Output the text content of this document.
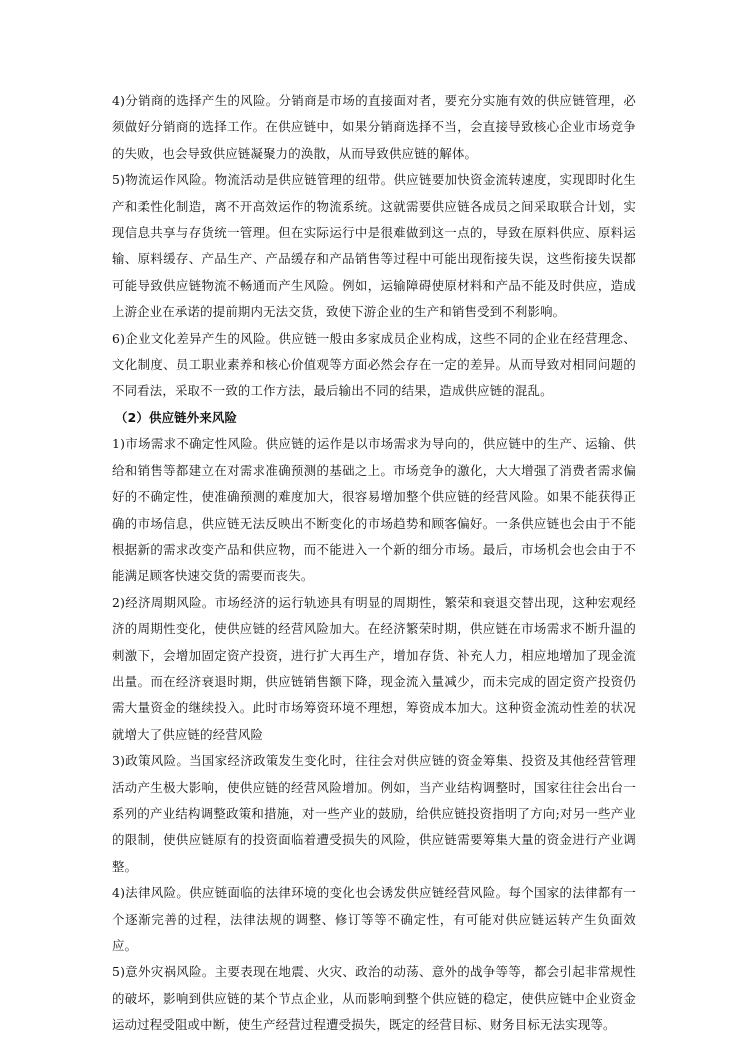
4)分销商的选择产生的风险。分销商是市场的直接面对者，要充分实施有效的供应链管理，必须做好分销商的选择工作。在供应链中，如果分销商选择不当，会直接导致核心企业市场竞争的失败，也会导致供应链凝聚力的涣散，从而导致供应链的解体。

5)物流运作风险。物流活动是供应链管理的纽带。供应链要加快资金流转速度，实现即时化生产和柔性化制造，离不开高效运作的物流系统。这就需要供应链各成员之间采取联合计划，实现信息共享与存货统一管理。但在实际运行中是很难做到这一点的，导致在原料供应、原料运输、原料缓存、产品生产、产品缓存和产品销售等过程中可能出现衔接失误，这些衔接失误都可能导致供应链物流不畅通而产生风险。例如，运输障碍使原材料和产品不能及时供应，造成上游企业在承诺的提前期内无法交货，致使下游企业的生产和销售受到不利影响。

6)企业文化差异产生的风险。供应链一般由多家成员企业构成，这些不同的企业在经营理念、文化制度、员工职业素养和核心价值观等方面必然会存在一定的差异。从而导致对相同问题的不同看法，采取不一致的工作方法，最后输出不同的结果，造成供应链的混乱。

（2）供应链外来风险

1)市场需求不确定性风险。供应链的运作是以市场需求为导向的，供应链中的生产、运输、供给和销售等都建立在对需求准确预测的基础之上。市场竞争的激化，大大增强了消费者需求偏好的不确定性，使准确预测的难度加大，很容易增加整个供应链的经营风险。如果不能获得正确的市场信息，供应链无法反映出不断变化的市场趋势和顾客偏好。一条供应链也会由于不能根据新的需求改变产品和供应物，而不能进入一个新的细分市场。最后，市场机会也会由于不能满足顾客快速交货的需要而丧失。

2)经济周期风险。市场经济的运行轨迹具有明显的周期性，繁荣和衰退交替出现，这种宏观经济的周期性变化，使供应链的经营风险加大。在经济繁荣时期，供应链在市场需求不断升温的刺激下，会增加固定资产投资，进行扩大再生产，增加存货、补充人力，相应地增加了现金流出量。而在经济衰退时期，供应链销售额下降，现金流入量减少，而未完成的固定资产投资仍需大量资金的继续投入。此时市场筹资环境不理想，筹资成本加大。这种资金流动性差的状况就增大了供应链的经营风险

3)政策风险。当国家经济政策发生变化时，往往会对供应链的资金筹集、投资及其他经营管理活动产生极大影响，使供应链的经营风险增加。例如，当产业结构调整时，国家往往会出台一系列的产业结构调整政策和措施，对一些产业的鼓励，给供应链投资指明了方向;对另一些产业的限制，使供应链原有的投资面临着遭受损失的风险，供应链需要筹集大量的资金进行产业调整。

4)法律风险。供应链面临的法律环境的变化也会诱发供应链经营风险。每个国家的法律都有一个逐渐完善的过程，法律法规的调整、修订等等不确定性，有可能对供应链运转产生负面效应。

5)意外灾祸风险。主要表现在地震、火灾、政治的动荡、意外的战争等等，都会引起非常规性的破坏，影响到供应链的某个节点企业，从而影响到整个供应链的稳定，使供应链中企业资金运动过程受阻或中断，使生产经营过程遭受损失，既定的经营目标、财务目标无法实现等。
